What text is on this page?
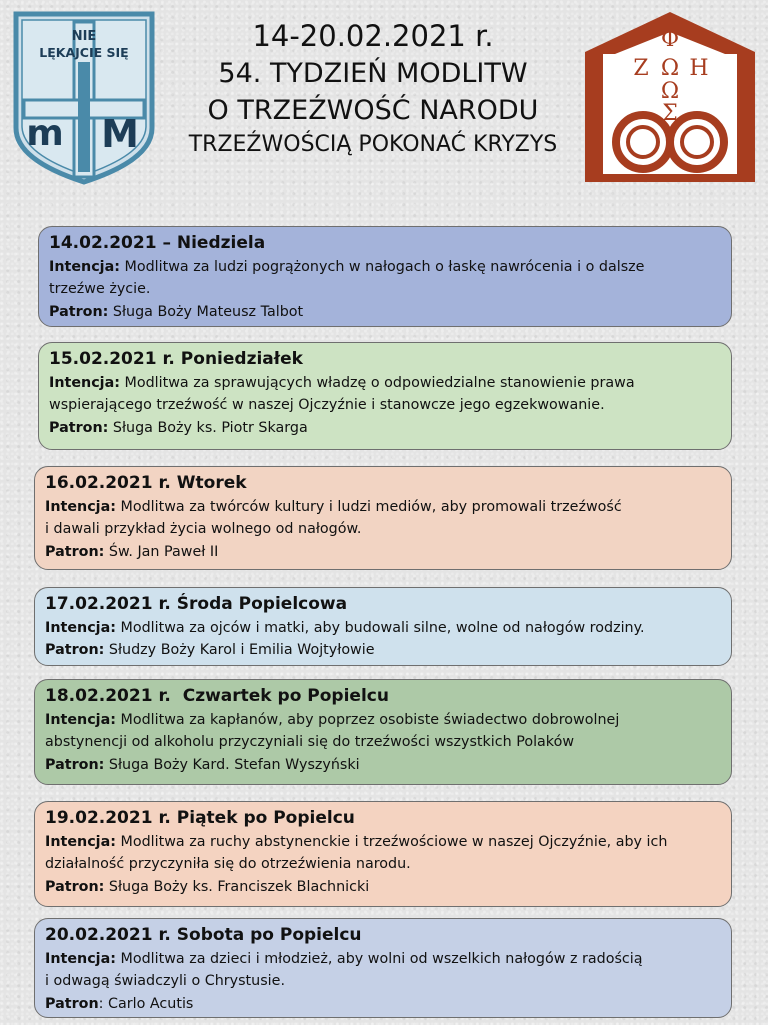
NIE
LĘKAJCIE SIĘ
m M
14-20.02.2021 r.
54. TYDZIEŃ MODLITW
O TRZEŹWOŚĆ NARODU
TRZEŹWOŚCIĄ POKONAĆ KRYZYS
Φ
Ζ Ω Η
Ω
Σ
14.02.2021 – Niedziela
Intencja: Modlitwa za ludzi pogrążonych w nałogach o łaskę nawrócenia i o dalsze
trzeźwe życie.
Patron: Sługa Boży Mateusz Talbot
15.02.2021 r. Poniedziałek
Intencja: Modlitwa za sprawujących władzę o odpowiedzialne stanowienie prawa
wspierającego trzeźwość w naszej Ojczyźnie i stanowcze jego egzekwowanie.
Patron: Sługa Boży ks. Piotr Skarga
16.02.2021 r. Wtorek
Intencja: Modlitwa za twórców kultury i ludzi mediów, aby promowali trzeźwość
i dawali przykład życia wolnego od nałogów.
Patron: Św. Jan Paweł II
17.02.2021 r. Środa Popielcowa
Intencja: Modlitwa za ojców i matki, aby budowali silne, wolne od nałogów rodziny.
Patron: Słudzy Boży Karol i Emilia Wojtyłowie
18.02.2021 r.  Czwartek po Popielcu
Intencja: Modlitwa za kapłanów, aby poprzez osobiste świadectwo dobrowolnej
abstynencji od alkoholu przyczyniali się do trzeźwości wszystkich Polaków
Patron: Sługa Boży Kard. Stefan Wyszyński
19.02.2021 r. Piątek po Popielcu
Intencja: Modlitwa za ruchy abstynenckie i trzeźwościowe w naszej Ojczyźnie, aby ich
działalność przyczyniła się do otrzeźwienia narodu.
Patron: Sługa Boży ks. Franciszek Blachnicki
20.02.2021 r. Sobota po Popielcu
Intencja: Modlitwa za dzieci i młodzież, aby wolni od wszelkich nałogów z radością
i odwagą świadczyli o Chrystusie.
Patron: Carlo Acutis
